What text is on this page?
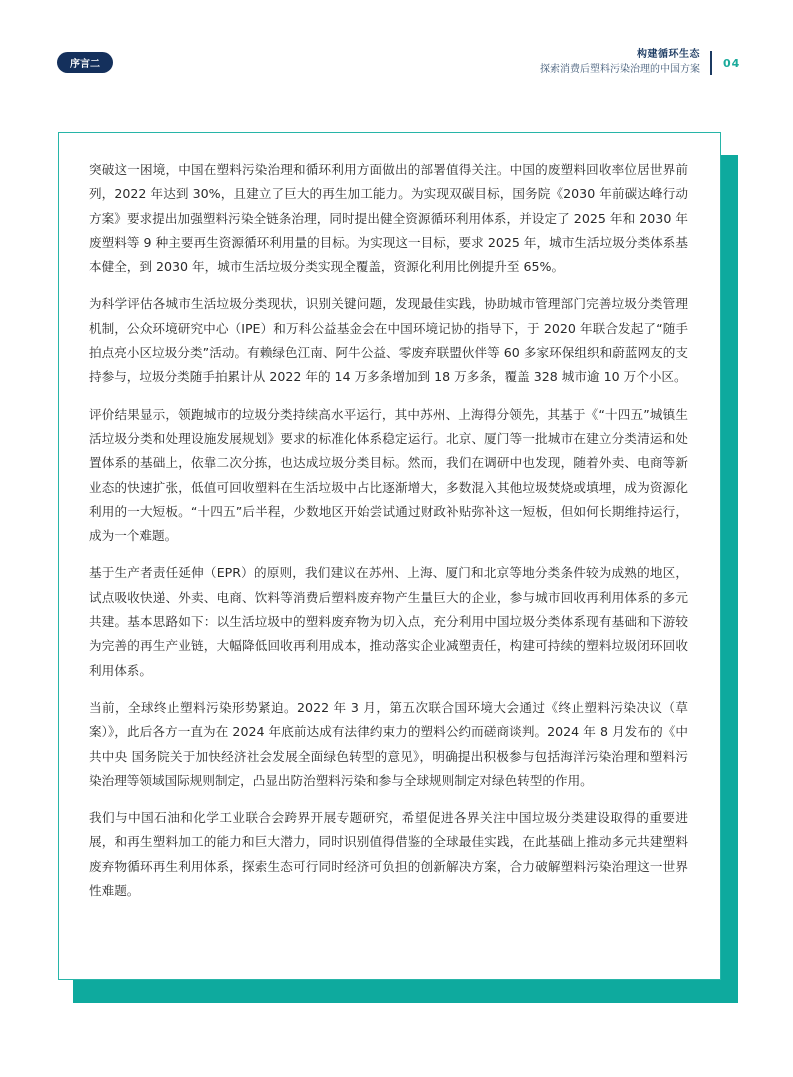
序言二
构建循环生态
探索消费后塑料污染治理的中国方案 04

突破这一困境，中国在塑料污染治理和循环利用方面做出的部署值得关注。中国的废塑料回收率位居世界前列，2022 年达到 30%，且建立了巨大的再生加工能力。为实现双碳目标，国务院《2030 年前碳达峰行动方案》要求提出加强塑料污染全链条治理，同时提出健全资源循环利用体系，并设定了 2025 年和 2030 年废塑料等 9 种主要再生资源循环利用量的目标。为实现这一目标，要求 2025 年，城市生活垃圾分类体系基本健全，到 2030 年，城市生活垃圾分类实现全覆盖，资源化利用比例提升至 65%。

为科学评估各城市生活垃圾分类现状，识别关键问题，发现最佳实践，协助城市管理部门完善垃圾分类管理机制，公众环境研究中心（IPE）和万科公益基金会在中国环境记协的指导下，于 2020 年联合发起了“随手拍点亮小区垃圾分类”活动。有赖绿色江南、阿牛公益、零废弃联盟伙伴等 60 多家环保组织和蔚蓝网友的支持参与，垃圾分类随手拍累计从 2022 年的 14 万多条增加到 18 万多条，覆盖 328 城市逾 10 万个小区。

评价结果显示，领跑城市的垃圾分类持续高水平运行，其中苏州、上海得分领先，其基于《“十四五”城镇生活垃圾分类和处理设施发展规划》要求的标准化体系稳定运行。北京、厦门等一批城市在建立分类清运和处置体系的基础上，依靠二次分拣，也达成垃圾分类目标。然而，我们在调研中也发现，随着外卖、电商等新业态的快速扩张，低值可回收塑料在生活垃圾中占比逐渐增大，多数混入其他垃圾焚烧或填埋，成为资源化利用的一大短板。“十四五”后半程，少数地区开始尝试通过财政补贴弥补这一短板，但如何长期维持运行，成为一个难题。

基于生产者责任延伸（EPR）的原则，我们建议在苏州、上海、厦门和北京等地分类条件较为成熟的地区，试点吸收快递、外卖、电商、饮料等消费后塑料废弃物产生量巨大的企业，参与城市回收再利用体系的多元共建。基本思路如下：以生活垃圾中的塑料废弃物为切入点，充分利用中国垃圾分类体系现有基础和下游较为完善的再生产业链，大幅降低回收再利用成本，推动落实企业减塑责任，构建可持续的塑料垃圾闭环回收利用体系。

当前，全球终止塑料污染形势紧迫。2022 年 3 月，第五次联合国环境大会通过《终止塑料污染决议（草案）》，此后各方一直为在 2024 年底前达成有法律约束力的塑料公约而磋商谈判。2024 年 8 月发布的《中共中央 国务院关于加快经济社会发展全面绿色转型的意见》，明确提出积极参与包括海洋污染治理和塑料污染治理等领域国际规则制定，凸显出防治塑料污染和参与全球规则制定对绿色转型的作用。

我们与中国石油和化学工业联合会跨界开展专题研究，希望促进各界关注中国垃圾分类建设取得的重要进展，和再生塑料加工的能力和巨大潜力，同时识别值得借鉴的全球最佳实践，在此基础上推动多元共建塑料废弃物循环再生利用体系，探索生态可行同时经济可负担的创新解决方案，合力破解塑料污染治理这一世界性难题。
